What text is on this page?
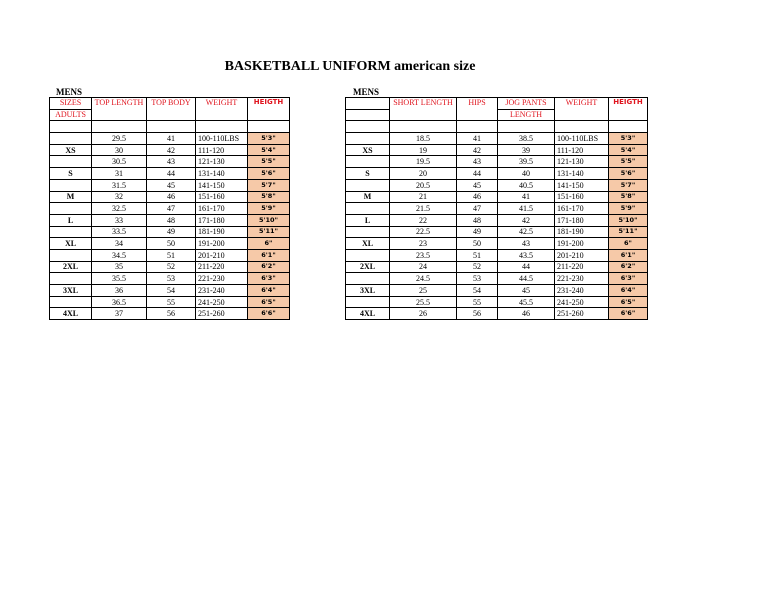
BASKETBALL UNIFORM american size
MENS	MENS
SIZES	TOP LENGTH	TOP BODY	WEIGHT	HEIGTH
ADULTS				

	29.5	41	100-110LBS	5'3"
XS	30	42	111-120	5'4"
	30.5	43	121-130	5'5"
S	31	44	131-140	5'6"
	31.5	45	141-150	5'7"
M	32	46	151-160	5'8"
	32.5	47	161-170	5'9"
L	33	48	171-180	5'10"
	33.5	49	181-190	5'11"
XL	34	50	191-200	6"
	34.5	51	201-210	6'1"
2XL	35	52	211-220	6'2"
	35.5	53	221-230	6'3"
3XL	36	54	231-240	6'4"
	36.5	55	241-250	6'5"
4XL	37	56	251-260	6'6"
	SHORT LENGTH	HIPS	JOG PANTS	WEIGHT	HEIGTH
			LENGTH		

	18.5	41	38.5	100-110LBS	5'3"
XS	19	42	39	111-120	5'4"
	19.5	43	39.5	121-130	5'5"
S	20	44	40	131-140	5'6"
	20.5	45	40.5	141-150	5'7"
M	21	46	41	151-160	5'8"
	21.5	47	41.5	161-170	5'9"
L	22	48	42	171-180	5'10"
	22.5	49	42.5	181-190	5'11"
XL	23	50	43	191-200	6"
	23.5	51	43.5	201-210	6'1"
2XL	24	52	44	211-220	6'2"
	24.5	53	44.5	221-230	6'3"
3XL	25	54	45	231-240	6'4"
	25.5	55	45.5	241-250	6'5"
4XL	26	56	46	251-260	6'6"
